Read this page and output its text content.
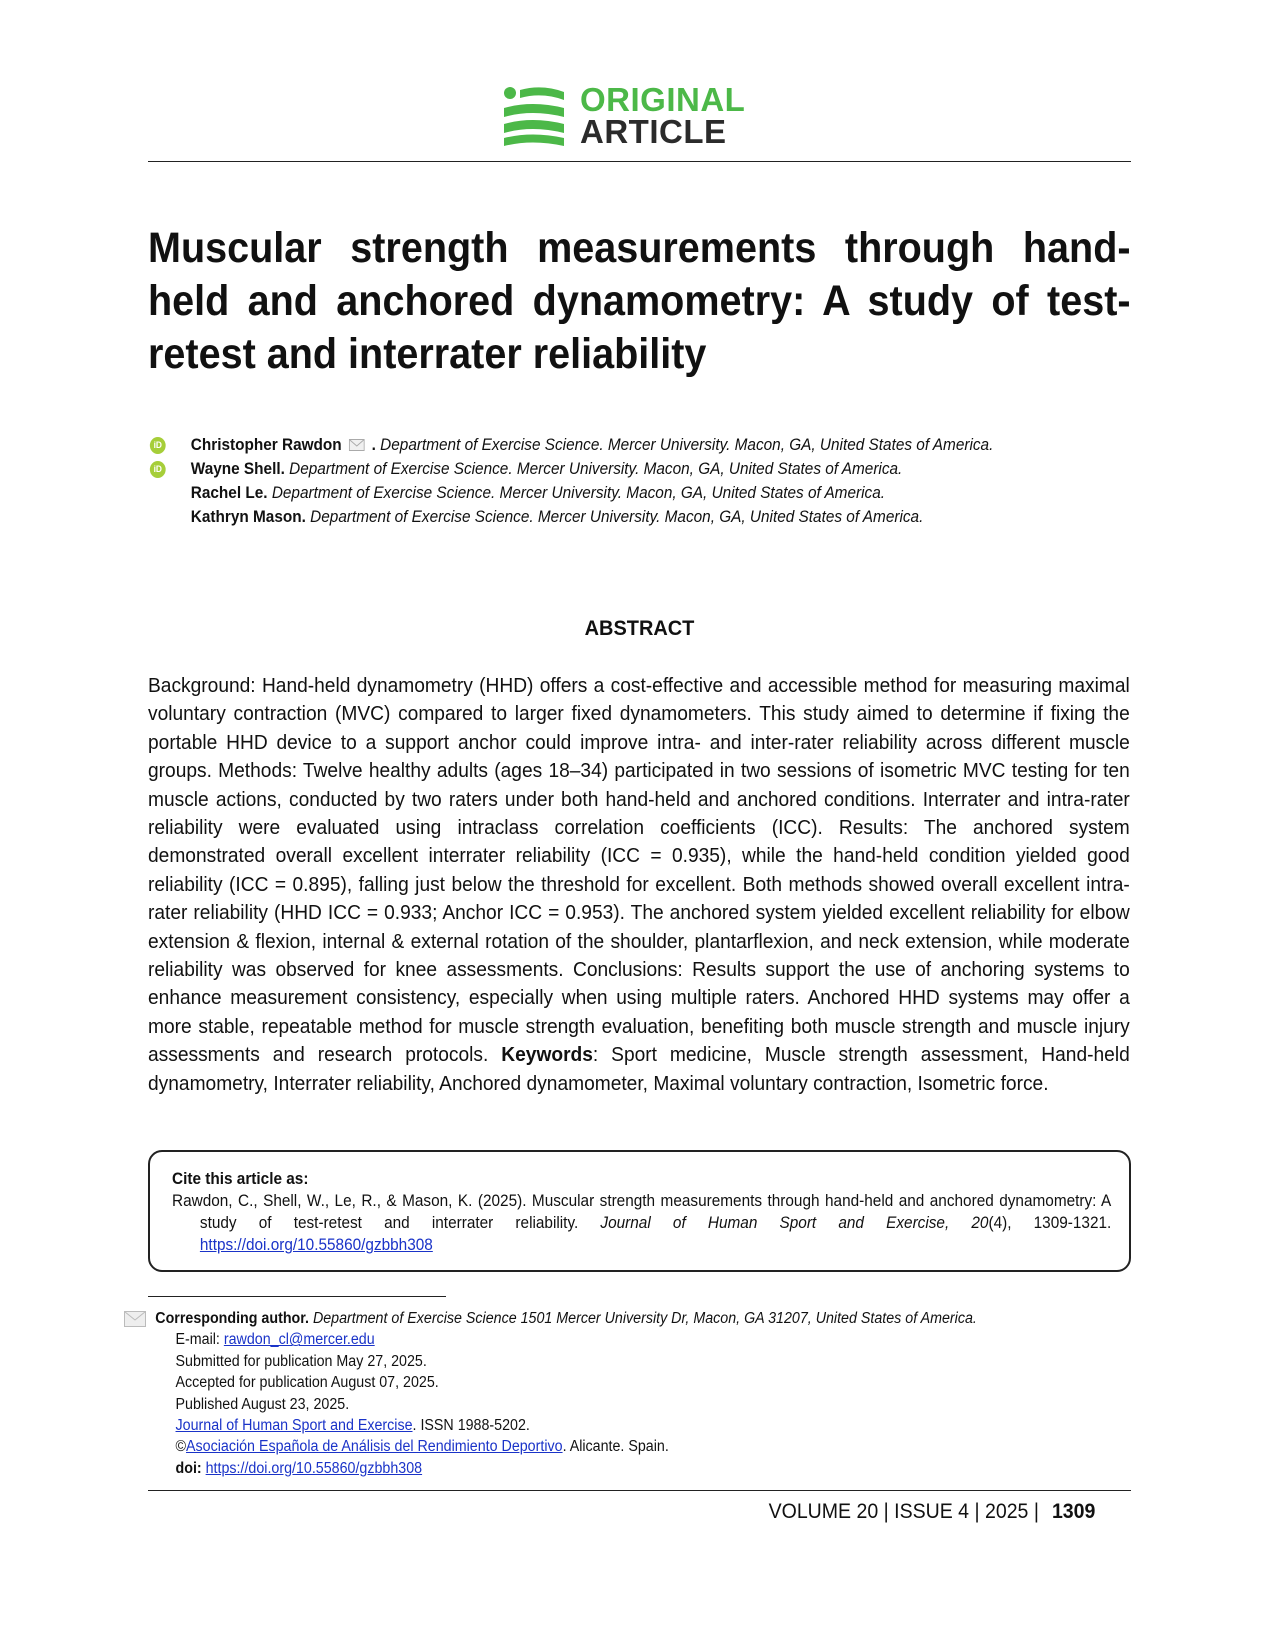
ORIGINAL
ARTICLE
Muscular strength measurements through hand-held and anchored dynamometry: A study of test-retest and interrater reliability
iD Christopher Rawdon . Department of Exercise Science. Mercer University. Macon, GA, United States of America.
iD Wayne Shell. Department of Exercise Science. Mercer University. Macon, GA, United States of America.
Rachel Le. Department of Exercise Science. Mercer University. Macon, GA, United States of America.
Kathryn Mason. Department of Exercise Science. Mercer University. Macon, GA, United States of America.
ABSTRACT

Background: Hand-held dynamometry (HHD) offers a cost-effective and accessible method for measuring maximal voluntary contraction (MVC) compared to larger fixed dynamometers. This study aimed to determine if fixing the portable HHD device to a support anchor could improve intra- and inter-rater reliability across different muscle groups. Methods: Twelve healthy adults (ages 18–34) participated in two sessions of isometric MVC testing for ten muscle actions, conducted by two raters under both hand-held and anchored conditions. Interrater and intra-rater reliability were evaluated using intraclass correlation coefficients (ICC). Results: The anchored system demonstrated overall excellent interrater reliability (ICC = 0.935), while the hand-held condition yielded good reliability (ICC = 0.895), falling just below the threshold for excellent. Both methods showed overall excellent intra-rater reliability (HHD ICC = 0.933; Anchor ICC = 0.953). The anchored system yielded excellent reliability for elbow extension & flexion, internal & external rotation of the shoulder, plantarflexion, and neck extension, while moderate reliability was observed for knee assessments. Conclusions: Results support the use of anchoring systems to enhance measurement consistency, especially when using multiple raters. Anchored HHD systems may offer a more stable, repeatable method for muscle strength evaluation, benefiting both muscle strength and muscle injury assessments and research protocols. Keywords: Sport medicine, Muscle strength assessment, Hand-held dynamometry, Interrater reliability, Anchored dynamometer, Maximal voluntary contraction, Isometric force.

Cite this article as:
Rawdon, C., Shell, W., Le, R., & Mason, K. (2025). Muscular strength measurements through hand-held and anchored dynamometry: A study of test-retest and interrater reliability. Journal of Human Sport and Exercise, 20(4), 1309-1321. https://doi.org/10.55860/gzbbh308
Corresponding author. Department of Exercise Science 1501 Mercer University Dr, Macon, GA 31207, United States of America.
E-mail: rawdon_cl@mercer.edu
Submitted for publication May 27, 2025.
Accepted for publication August 07, 2025.
Published August 23, 2025.
Journal of Human Sport and Exercise. ISSN 1988-5202.
©Asociación Española de Análisis del Rendimiento Deportivo. Alicante. Spain.
doi: https://doi.org/10.55860/gzbbh308
VOLUME 20 | ISSUE 4 | 2025 | 1309
